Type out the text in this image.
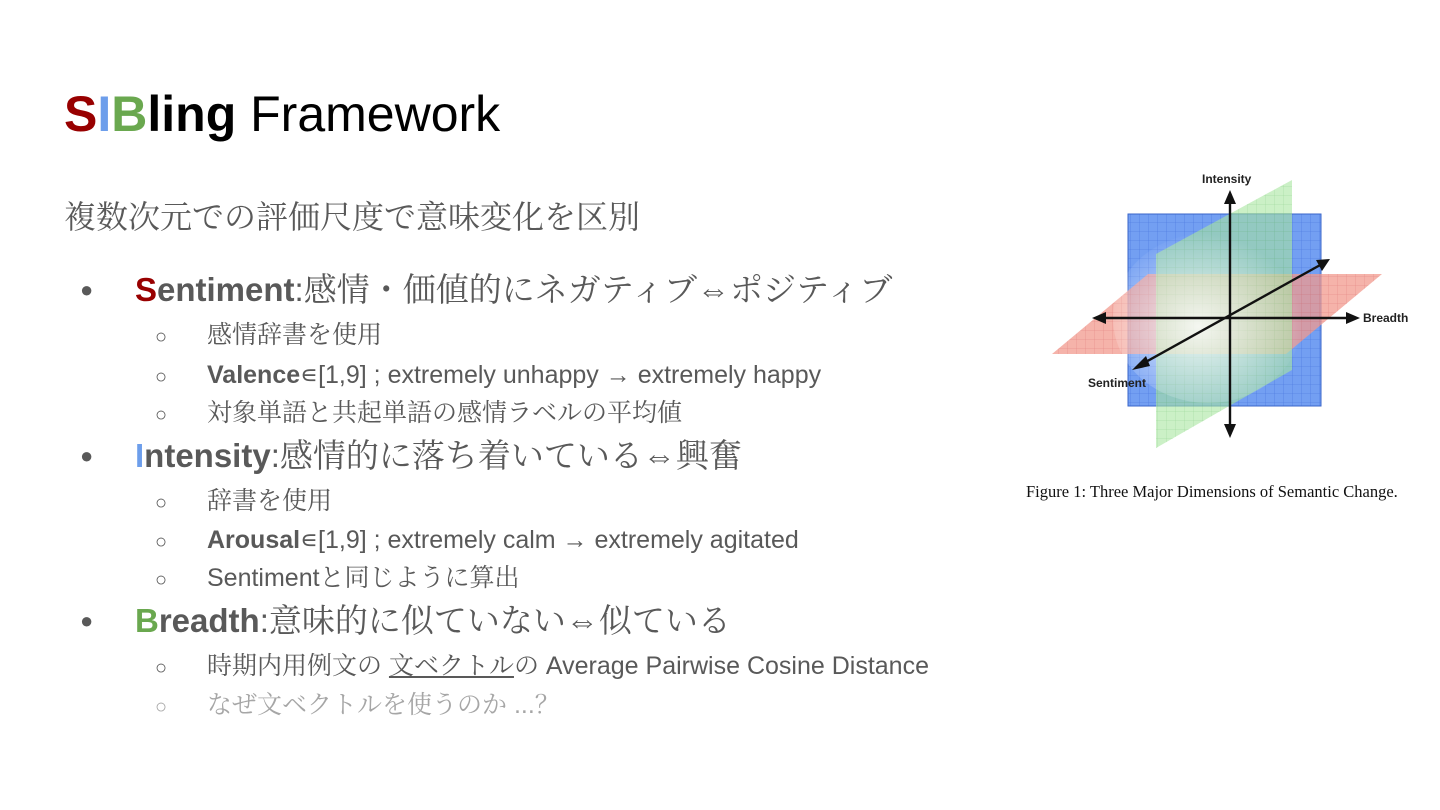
SIBling Framework
複数次元での評価尺度で意味変化を区別
● Sentiment:感情・価値的にネガティブ⇔ポジティブ
○ 感情辞書を使用
○ Valence∊[1,9] ; extremely unhappy → extremely happy
○ 対象単語と共起単語の感情ラベルの平均値
● Intensity:感情的に落ち着いている⇔興奮
○ 辞書を使用
○ Arousal∊[1,9] ; extremely calm → extremely agitated
○ Sentimentと同じように算出
● Breadth:意味的に似ていない⇔似ている
○ 時期内用例文の 文ベクトルの Average Pairwise Cosine Distance
○ なぜ文ベクトルを使うのか ...？
Intensity
Breadth
Sentiment
Figure 1: Three Major Dimensions of Semantic Change.
